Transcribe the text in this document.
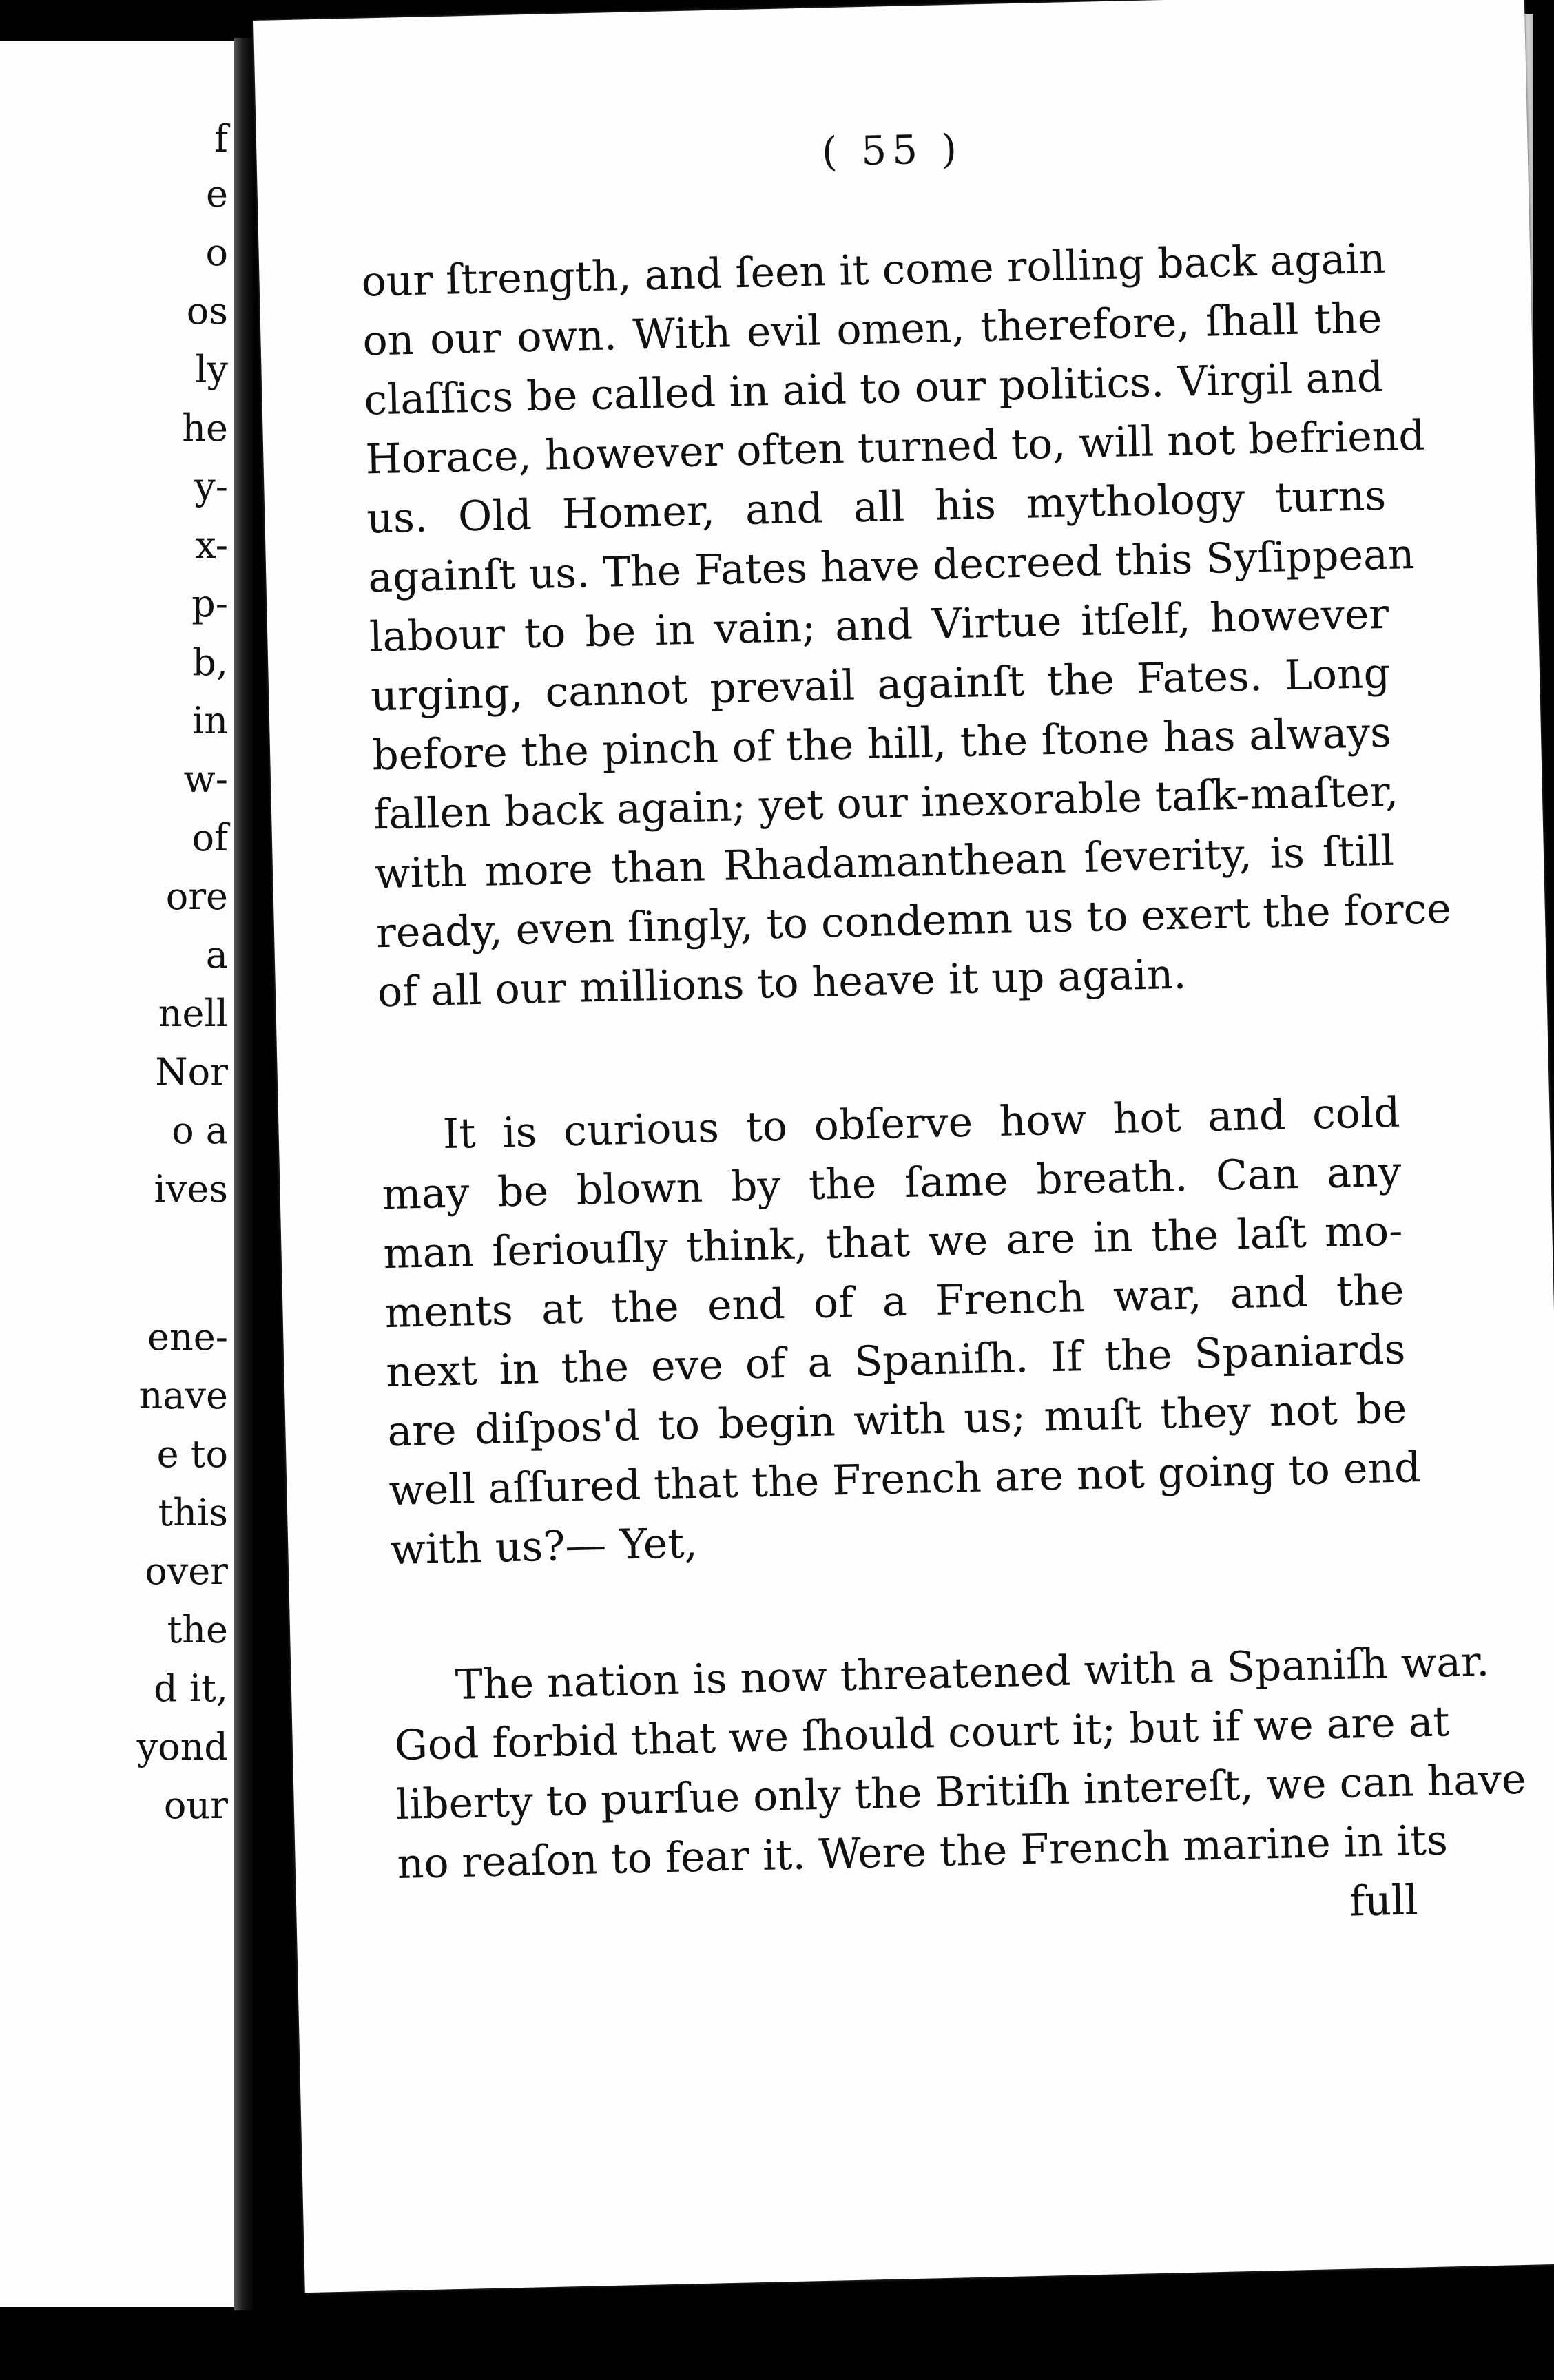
f
e
o
os
ly
he
y-
x-
p-
b,
in
w-
of
ore
a
nell
Nor
o a
ives
ene-
nave
e to
this
over
the
d it,
yond
our
( 55 )
our ſtrength, and ſeen it come rolling back again
on our own. With evil omen, therefore, ſhall the
claſſics be called in aid to our politics. Virgil and
Horace, however often turned to, will not befriend
us. Old Homer, and all his mythology turns
againſt us. The Fates have decreed this Syſippean
labour to be in vain; and Virtue itſelf, however
urging, cannot prevail againſt the Fates. Long
before the pinch of the hill, the ſtone has always
fallen back again; yet our inexorable taſk-maſter,
with more than Rhadamanthean ſeverity, is ſtill
ready, even ſingly, to condemn us to exert the force
of all our millions to heave it up again.
It is curious to obſerve how hot and cold
may be blown by the ſame breath. Can any
man ſeriouſly think, that we are in the laſt mo-
ments at the end of a French war, and the
next in the eve of a Spaniſh. If the Spaniards
are diſpos'd to begin with us; muſt they not be
well aſſured that the French are not going to end
with us?— Yet,
The nation is now threatened with a Spaniſh war.
God forbid that we ſhould court it; but if we are at
liberty to purſue only the Britiſh intereſt, we can have
no reaſon to fear it. Were the French marine in its
full
